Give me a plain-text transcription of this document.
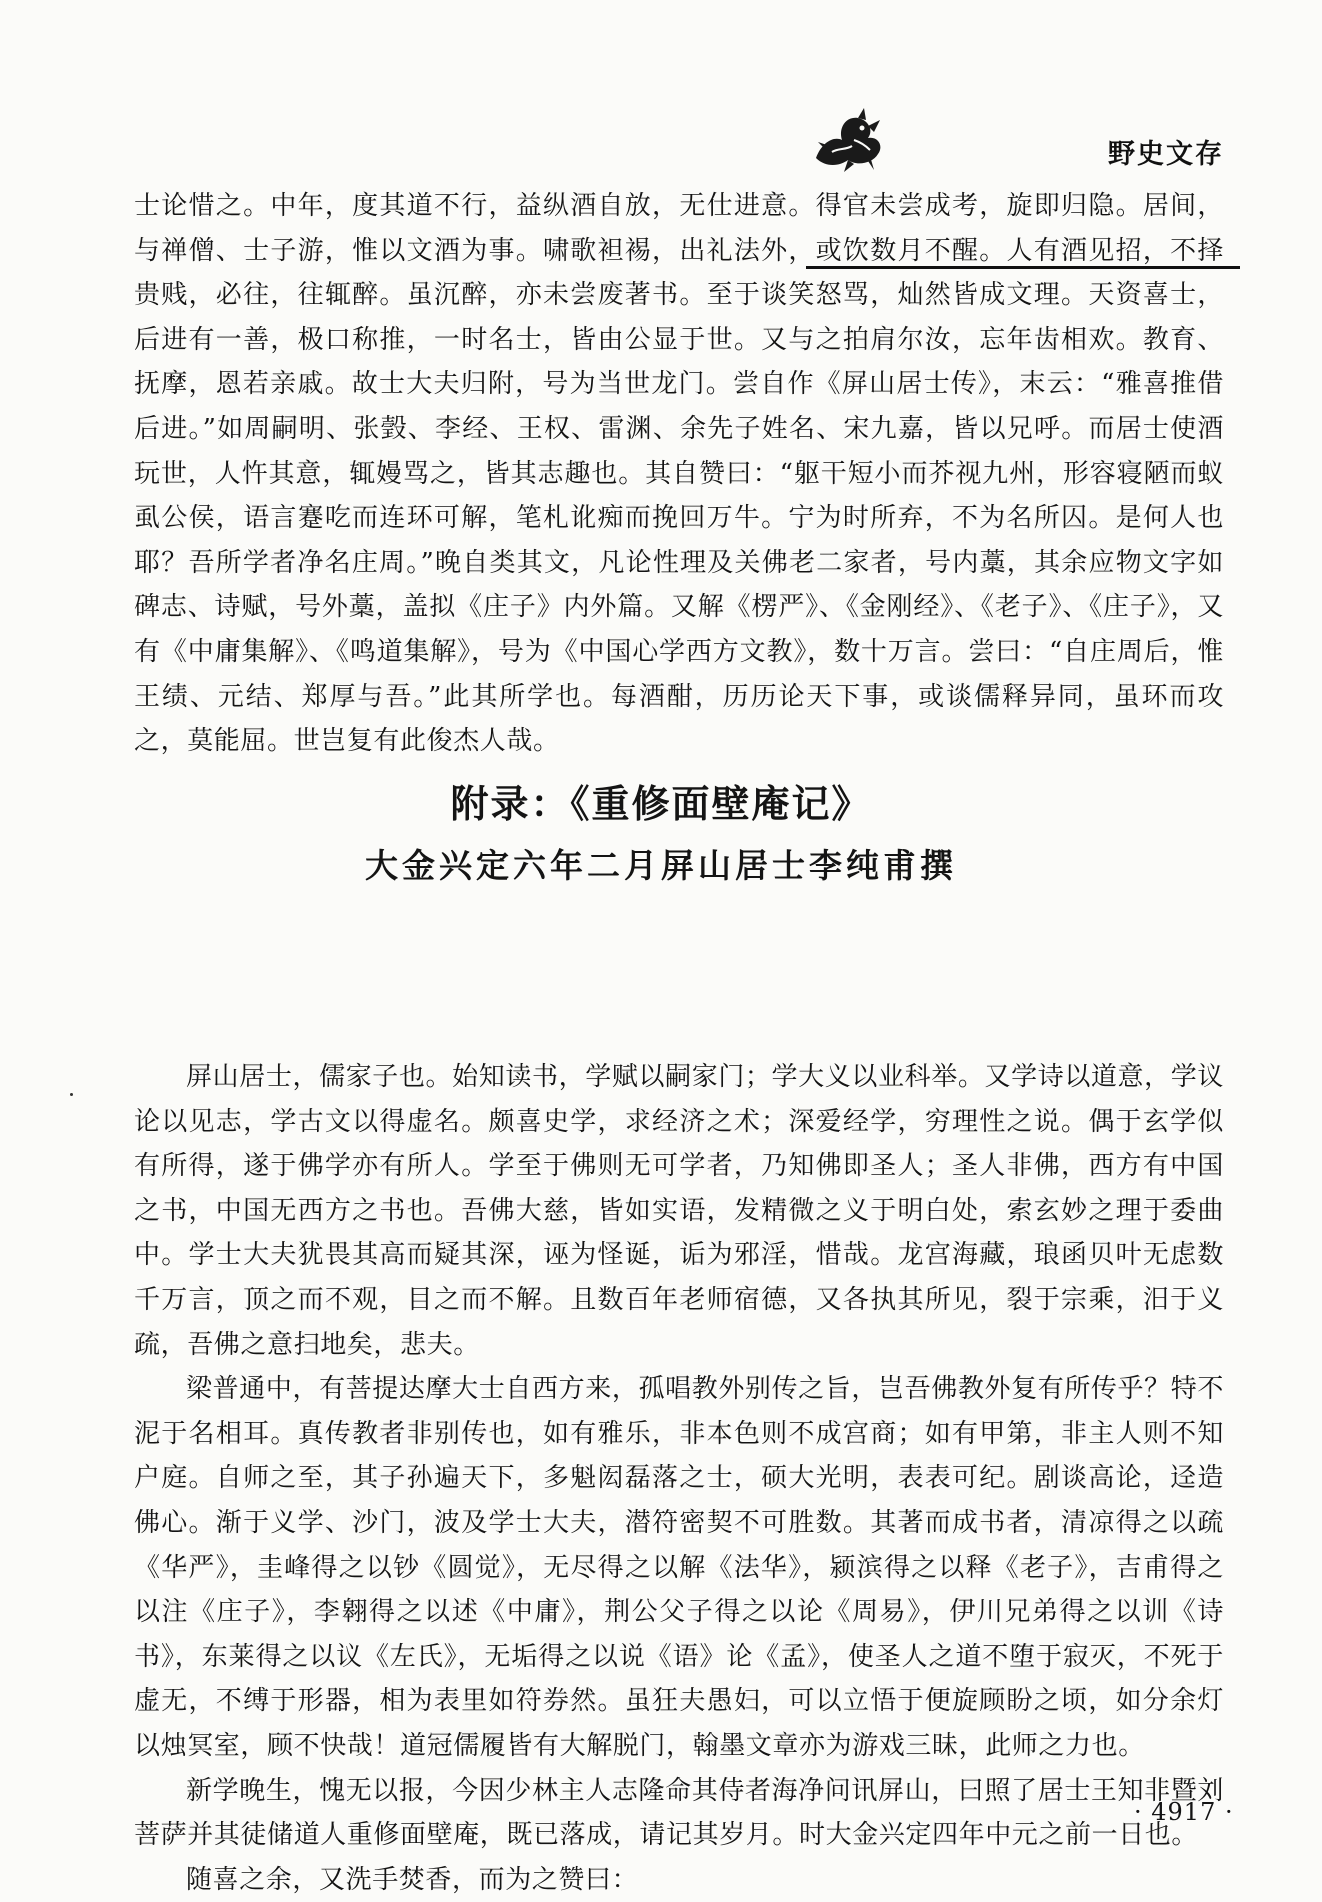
野史文存

士论惜之。中年，度其道不行，益纵酒自放，无仕进意。得官未尝成考，旋即归隐。居间，与禅僧、士子游，惟以文酒为事。啸歌袒裼，出礼法外，或饮数月不醒。人有酒见招，不择贵贱，必往，往辄醉。虽沉醉，亦未尝废著书。至于谈笑怒骂，灿然皆成文理。天资喜士，后进有一善，极口称推，一时名士，皆由公显于世。又与之拍肩尔汝，忘年齿相欢。教育、抚摩，恩若亲戚。故士大夫归附，号为当世龙门。尝自作《屏山居士传》，末云：“雅喜推借后进。”如周嗣明、张瑴、李经、王权、雷渊、余先子姓名、宋九嘉，皆以兄呼。而居士使酒玩世，人忤其意，辄嫚骂之，皆其志趣也。其自赞曰：“躯干短小而芥视九州，形容寝陋而蚁虱公侯，语言蹇吃而连环可解，笔札讹痴而挽回万牛。宁为时所弃，不为名所囚。是何人也耶？吾所学者净名庄周。”晚自类其文，凡论性理及关佛老二家者，号内藁，其余应物文字如碑志、诗赋，号外藁，盖拟《庄子》内外篇。又解《楞严》、《金刚经》、《老子》、《庄子》，又有《中庸集解》、《鸣道集解》，号为《中国心学西方文教》，数十万言。尝曰：“自庄周后，惟王绩、元结、郑厚与吾。”此其所学也。每酒酣，历历论天下事，或谈儒释异同，虽环而攻之，莫能屈。世岂复有此俊杰人哉。

附录：《重修面壁庵记》
大金兴定六年二月屏山居士李纯甫撰

屏山居士，儒家子也。始知读书，学赋以嗣家门；学大义以业科举。又学诗以道意，学议论以见志，学古文以得虚名。颇喜史学，求经济之术；深爱经学，穷理性之说。偶于玄学似有所得，遂于佛学亦有所人。学至于佛则无可学者，乃知佛即圣人；圣人非佛，西方有中国之书，中国无西方之书也。吾佛大慈，皆如实语，发精微之义于明白处，索玄妙之理于委曲中。学士大夫犹畏其高而疑其深，诬为怪诞，诟为邪淫，惜哉。龙宫海藏，琅函贝叶无虑数千万言，顶之而不观，目之而不解。且数百年老师宿德，又各执其所见，裂于宗乘，汨于义疏，吾佛之意扫地矣，悲夫。

梁普通中，有菩提达摩大士自西方来，孤唱教外别传之旨，岂吾佛教外复有所传乎？特不泥于名相耳。真传教者非别传也，如有雅乐，非本色则不成宫商；如有甲第，非主人则不知户庭。自师之至，其子孙遍天下，多魁闳磊落之士，硕大光明，表表可纪。剧谈高论，迳造佛心。渐于义学、沙门，波及学士大夫，潜符密契不可胜数。其著而成书者，清凉得之以疏《华严》，圭峰得之以钞《圆觉》，无尽得之以解《法华》，颍滨得之以释《老子》，吉甫得之以注《庄子》，李翱得之以述《中庸》，荆公父子得之以论《周易》，伊川兄弟得之以训《诗书》，东莱得之以议《左氏》，无垢得之以说《语》论《孟》，使圣人之道不堕于寂灭，不死于虚无，不缚于形器，相为表里如符券然。虽狂夫愚妇，可以立悟于便旋顾盼之顷，如分余灯以烛冥室，顾不快哉！道冠儒履皆有大解脱门，翰墨文章亦为游戏三昧，此师之力也。

新学晚生，愧无以报，今因少林主人志隆命其侍者海净问讯屏山，曰照了居士王知非暨刘菩萨并其徒储道人重修面壁庵，既已落成，请记其岁月。时大金兴定四年中元之前一日也。

随喜之余，又洗手焚香，而为之赞曰：

· 4917 ·
